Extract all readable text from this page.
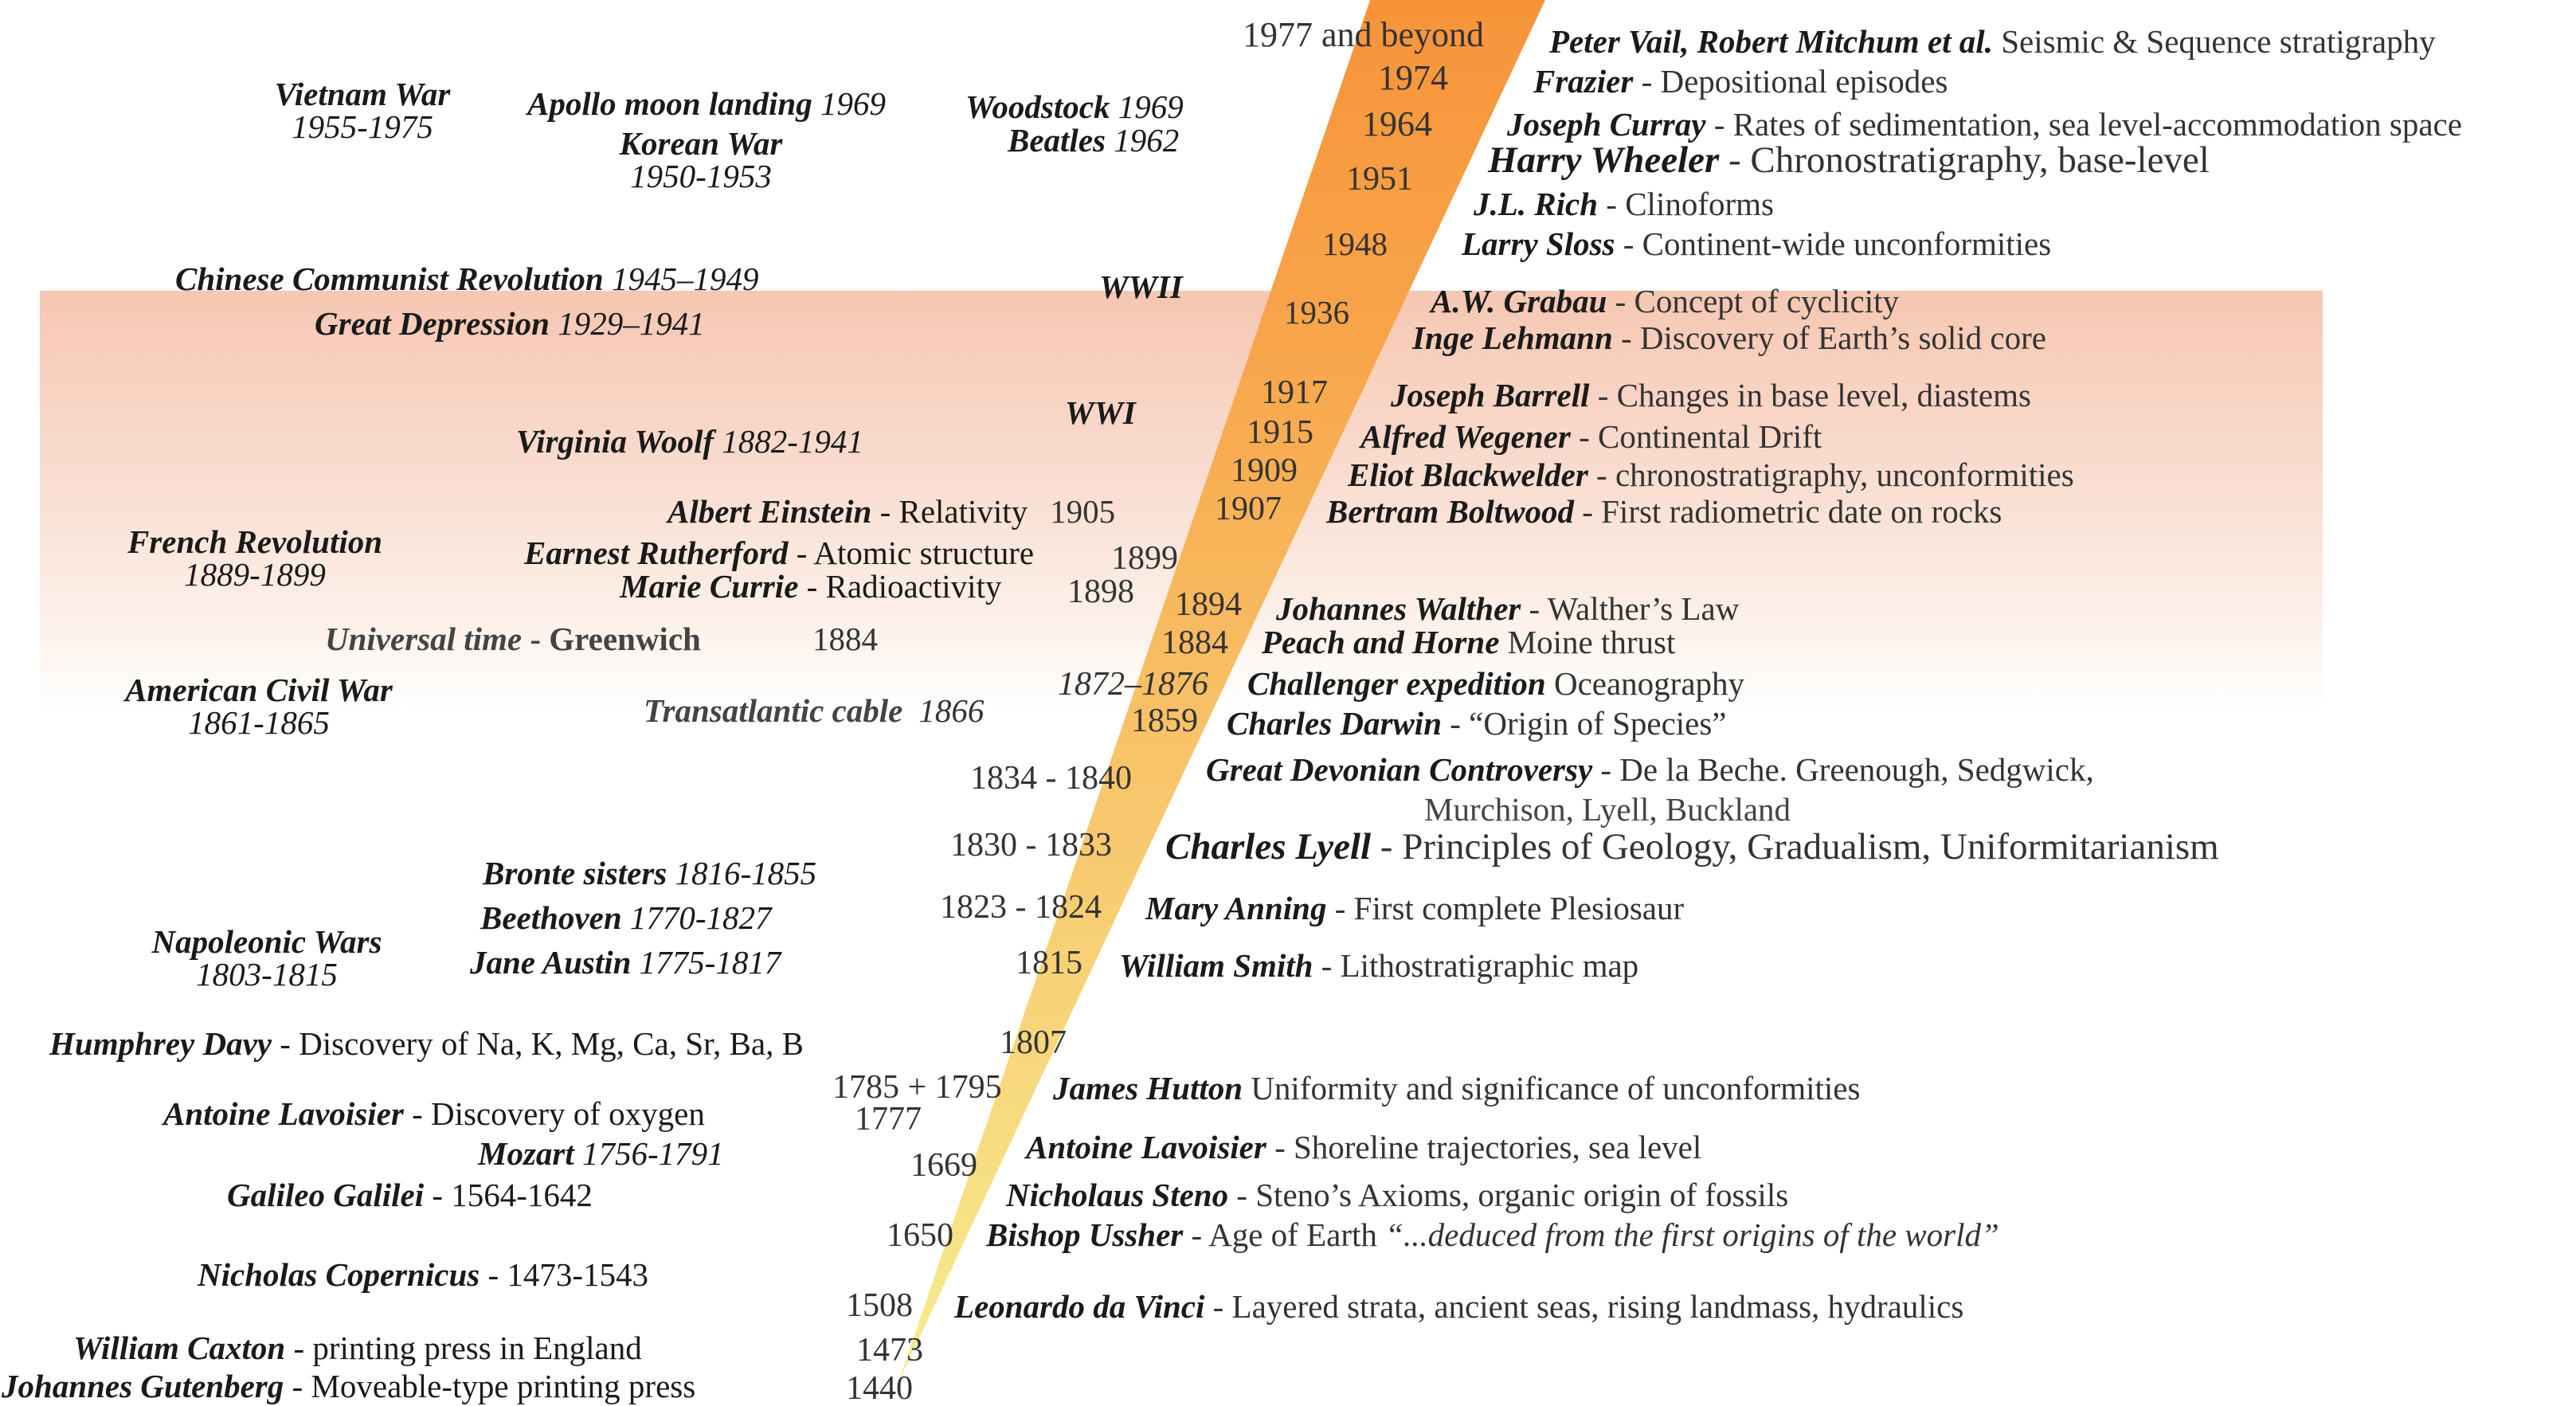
1977 and beyond Peter Vail, Robert Mitchum et al. Seismic & Sequence stratigraphy
1974	Frazier - Depositional episodes
1964 Joseph Curray - Rates of sedimentation, sea level-accommodation space
1951 Harry Wheeler - Chronostratigraphy, base-level
J.L. Rich - Clinoforms
1948 Larry Sloss - Continent-wide unconformities
1936 A.W. Grabau - Concept of cyclicity
Inge Lehmann - Discovery of Earth’s solid core
1917 Joseph Barrell - Changes in base level, diastems
1915 Alfred Wegener - Continental Drift
1909 Eliot Blackwelder - chronostratigraphy, unconformities
1907 Bertram Boltwood - First radiometric date on rocks
1894 Johannes Walther - Walther’s Law
1884 Peach and Horne Moine thrust
1872–1876 Challenger expedition Oceanography
1859 Charles Darwin - “Origin of Species”
1834 - 1840 Great Devonian Controversy - De la Beche. Greenough, Sedgwick,
Murchison, Lyell, Buckland
1830 - 1833 Charles Lyell - Principles of Geology, Gradualism, Uniformitarianism
1823 - 1824 Mary Anning - First complete Plesiosaur
1815 William Smith - Lithostratigraphic map
1807
1785 + 1795 James Hutton Uniformity and significance of unconformities
1777
1669 Antoine Lavoisier - Shoreline trajectories, sea level
Nicholaus Steno - Steno’s Axioms, organic origin of fossils
1650 Bishop Ussher - Age of Earth “...deduced from the first origins of the world”
1508 Leonardo da Vinci - Layered strata, ancient seas, rising landmass, hydraulics
1473
1440
Vietnam War
1955-1975
Apollo moon landing 1969
Korean War
1950-1953
Woodstock 1969
Beatles 1962
Chinese Communist Revolution 1945–1949
Great Depression 1929–1941
WWII
WWI
Virginia Woolf 1882-1941
French Revolution
1889-1899
American Civil War
1861-1865
Napoleonic Wars
1803-1815
Bronte sisters 1816-1855
Beethoven 1770-1827
Jane Austin 1775-1817
Mozart 1756-1791
Albert Einstein - Relativity 1905
Earnest Rutherford - Atomic structure 1899
Marie Currie - Radioactivity 1898
Universal time - Greenwich	1884
Transatlantic cable 1866
Humphrey Davy - Discovery of Na, K, Mg, Ca, Sr, Ba, B
Antoine Lavoisier - Discovery of oxygen
Galileo Galilei - 1564-1642
Nicholas Copernicus - 1473-1543
William Caxton - printing press in England
Johannes Gutenberg - Moveable-type printing press
